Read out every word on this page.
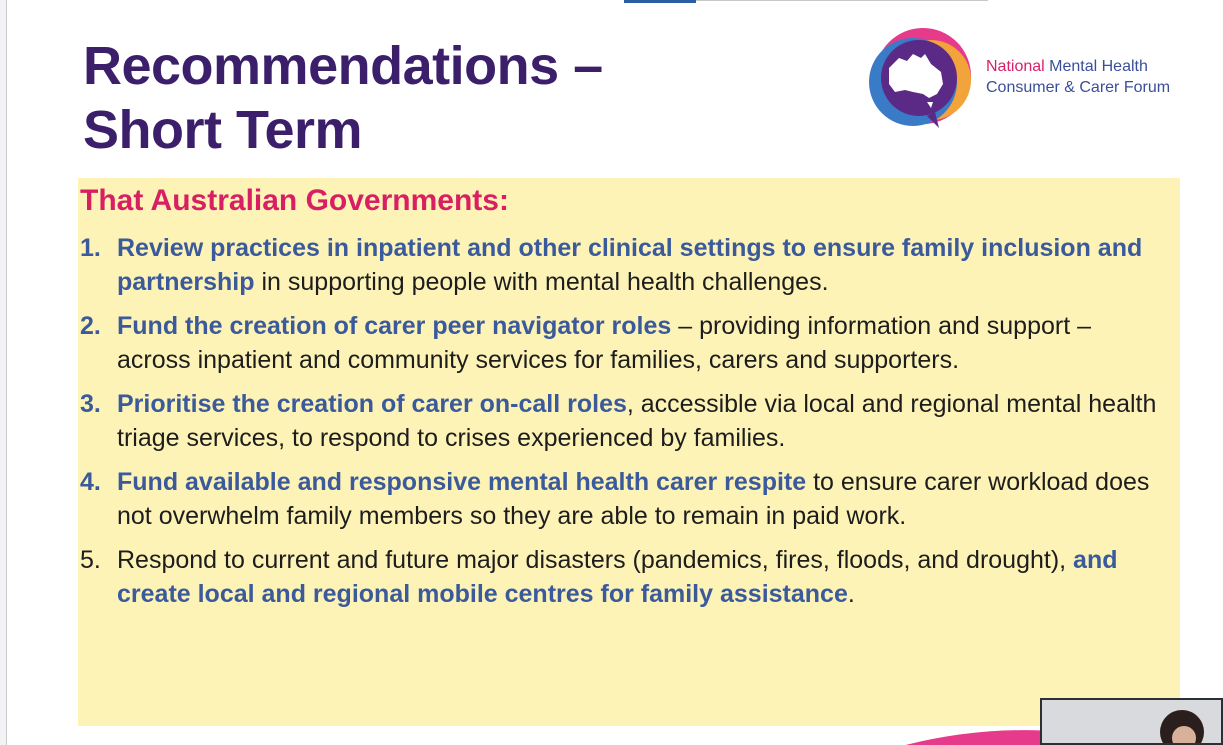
Recommendations –
Short Term
National Mental Health
Consumer & Carer Forum

That Australian Governments:

1. Review practices in inpatient and other clinical settings to ensure family inclusion and partnership in supporting people with mental health challenges.
2. Fund the creation of carer peer navigator roles – providing information and support – across inpatient and community services for families, carers and supporters.
3. Prioritise the creation of carer on-call roles, accessible via local and regional mental health triage services, to respond to crises experienced by families.
4. Fund available and responsive mental health carer respite to ensure carer workload does not overwhelm family members so they are able to remain in paid work.
5. Respond to current and future major disasters (pandemics, fires, floods, and drought), and create local and regional mobile centres for family assistance.
